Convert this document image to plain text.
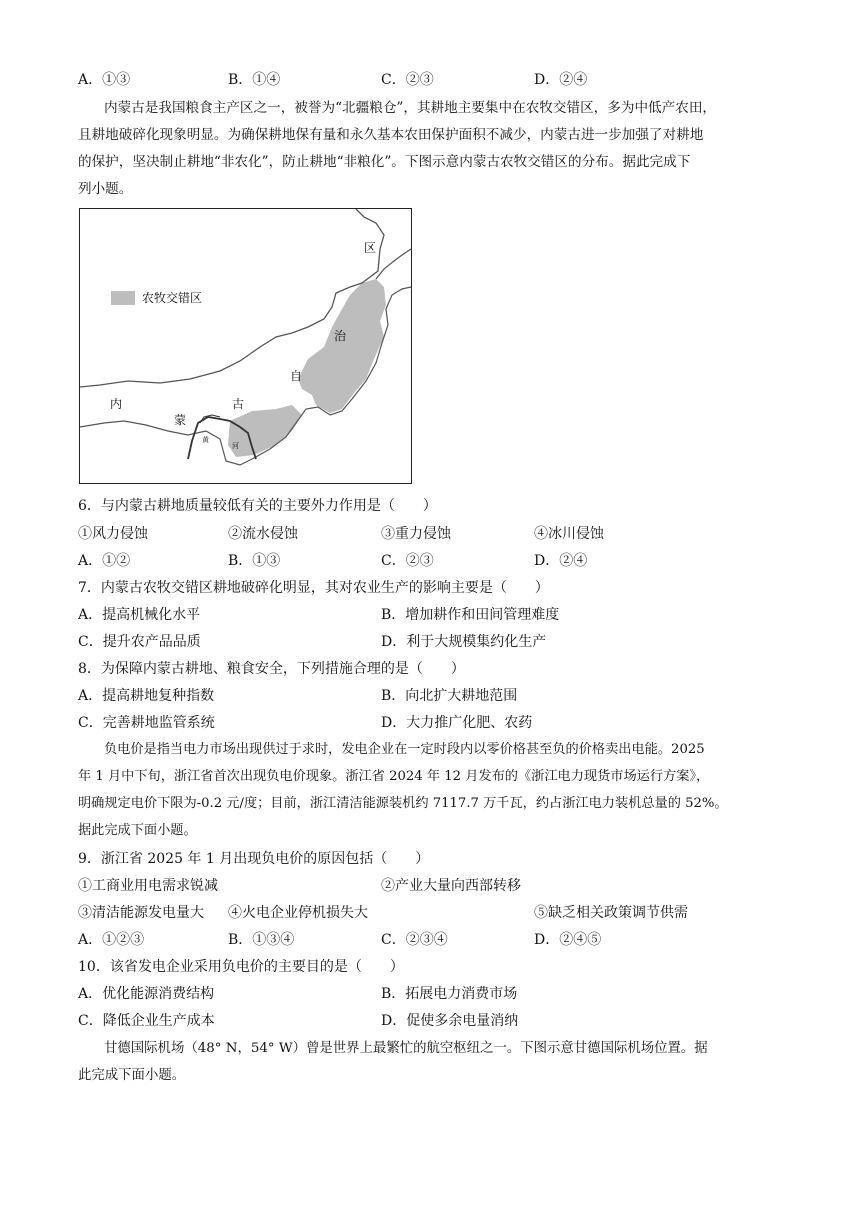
A．①③	B．①④	C．②③	D．②④
内蒙古是我国粮食主产区之一，被誉为“北疆粮仓”，其耕地主要集中在农牧交错区，多为中低产农田，
且耕地破碎化现象明显。为确保耕地保有量和永久基本农田保护面积不减少，内蒙古进一步加强了对耕地
的保护，坚决制止耕地“非农化”，防止耕地“非粮化”。下图示意内蒙古农牧交错区的分布。据此完成下
列小题。
农牧交错区
内
蒙
古
自
治
区
黄
河
6．与内蒙古耕地质量较低有关的主要外力作用是（　　）
①风力侵蚀	②流水侵蚀	③重力侵蚀	④冰川侵蚀
A．①②	B．①③	C．②③	D．②④
7．内蒙古农牧交错区耕地破碎化明显，其对农业生产的影响主要是（　　）
A．提高机械化水平	B．增加耕作和田间管理难度
C．提升农产品品质	D．利于大规模集约化生产
8．为保障内蒙古耕地、粮食安全，下列措施合理的是（　　）
A．提高耕地复种指数	B．向北扩大耕地范围
C．完善耕地监管系统	D．大力推广化肥、农药
负电价是指当电力市场出现供过于求时，发电企业在一定时段内以零价格甚至负的价格卖出电能。2025
年 1 月中下旬，浙江省首次出现负电价现象。浙江省 2024 年 12 月发布的《浙江电力现货市场运行方案》，
明确规定电价下限为-0.2 元/度；目前，浙江清洁能源装机约 7117.7 万千瓦，约占浙江电力装机总量的 52%。
据此完成下面小题。
9．浙江省 2025 年 1 月出现负电价的原因包括（　　）
①工商业用电需求锐减	②产业大量向西部转移
③清洁能源发电量大 ④火电企业停机损失大	⑤缺乏相关政策调节供需
A．①②③	B．①③④	C．②③④	D．②④⑤
10．该省发电企业采用负电价的主要目的是（　　）
A．优化能源消费结构	B．拓展电力消费市场
C．降低企业生产成本	D．促使多余电量消纳
甘德国际机场（48° N，54° W）曾是世界上最繁忙的航空枢纽之一。下图示意甘德国际机场位置。据
此完成下面小题。
